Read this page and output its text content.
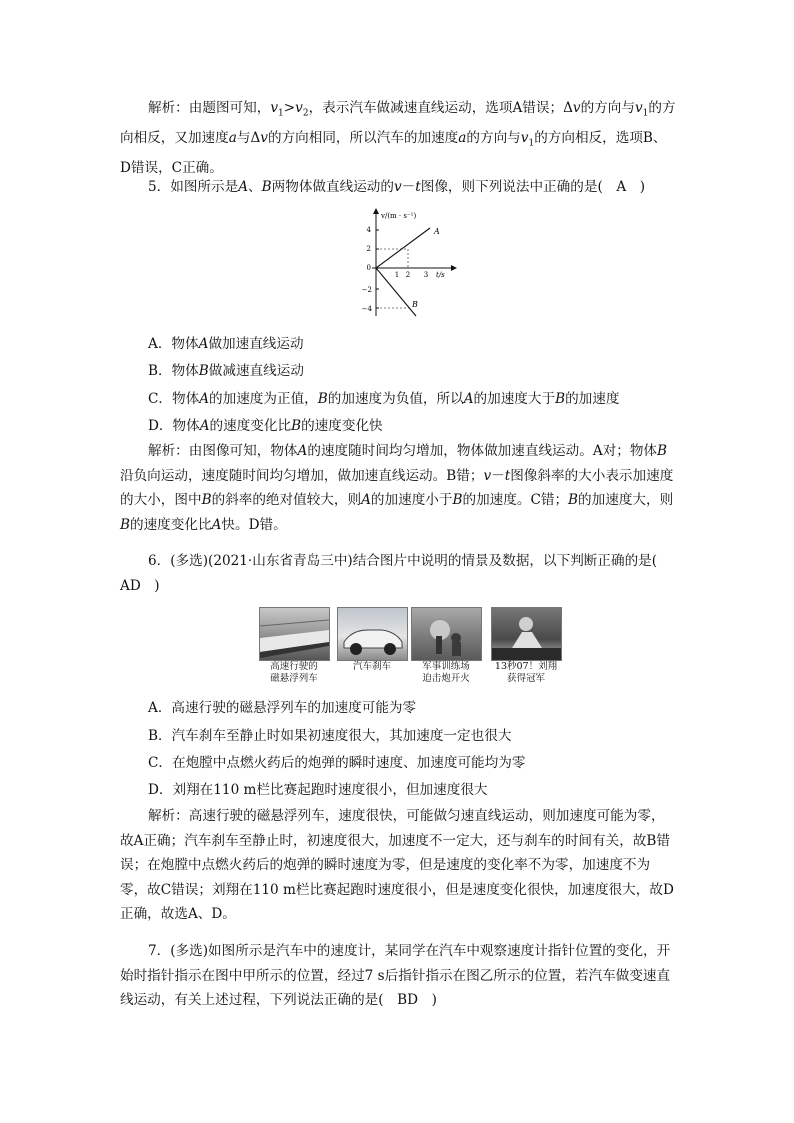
解析：由题图可知，$v_1>v_2$，表示汽车做减速直线运动，选项A错误；Δv的方向与$v_1$的方向相反，又加速度a与Δv的方向相同，所以汽车的加速度a的方向与$v_1$的方向相反，选项B、D错误，C正确。

5．如图所示是A、B两物体做直线运动的v－t图像，则下列说法中正确的是(　A　)

v/(m · s⁻¹)
4
2
0
−2
−4
1 2 3 t/s
A
B

A．物体A做加速直线运动

B．物体B做减速直线运动

C．物体A的加速度为正值，B的加速度为负值，所以A的加速度大于B的加速度

D．物体A的速度变化比B的速度变化快

解析：由图像可知，物体A的速度随时间均匀增加，物体做加速直线运动。A对；物体B沿负向运动，速度随时间均匀增加，做加速直线运动。B错；v－t图像斜率的大小表示加速度的大小，图中B的斜率的绝对值较大，则A的加速度小于B的加速度。C错；B的加速度大，则B的速度变化比A快。D错。

6．(多选)(2021·山东省青岛三中)结合图片中说明的情景及数据，以下判断正确的是(　AD　)

高速行驶的
磁悬浮列车
汽车刹车	军事训练场
迫击炮开火
13秒07！刘翔
获得冠军

A．高速行驶的磁悬浮列车的加速度可能为零

B．汽车刹车至静止时如果初速度很大，其加速度一定也很大

C．在炮膛中点燃火药后的炮弹的瞬时速度、加速度可能均为零

D．刘翔在110 m栏比赛起跑时速度很小，但加速度很大

解析：高速行驶的磁悬浮列车，速度很快，可能做匀速直线运动，则加速度可能为零，故A正确；汽车刹车至静止时，初速度很大，加速度不一定大，还与刹车的时间有关，故B错误；在炮膛中点燃火药后的炮弹的瞬时速度为零，但是速度的变化率不为零，加速度不为零，故C错误；刘翔在110 m栏比赛起跑时速度很小，但是速度变化很快，加速度很大，故D正确，故选A、D。

7．(多选)如图所示是汽车中的速度计，某同学在汽车中观察速度计指针位置的变化，开始时指针指示在图中甲所示的位置，经过7 s后指针指示在图乙所示的位置，若汽车做变速直线运动，有关上述过程，下列说法正确的是(　BD　)
